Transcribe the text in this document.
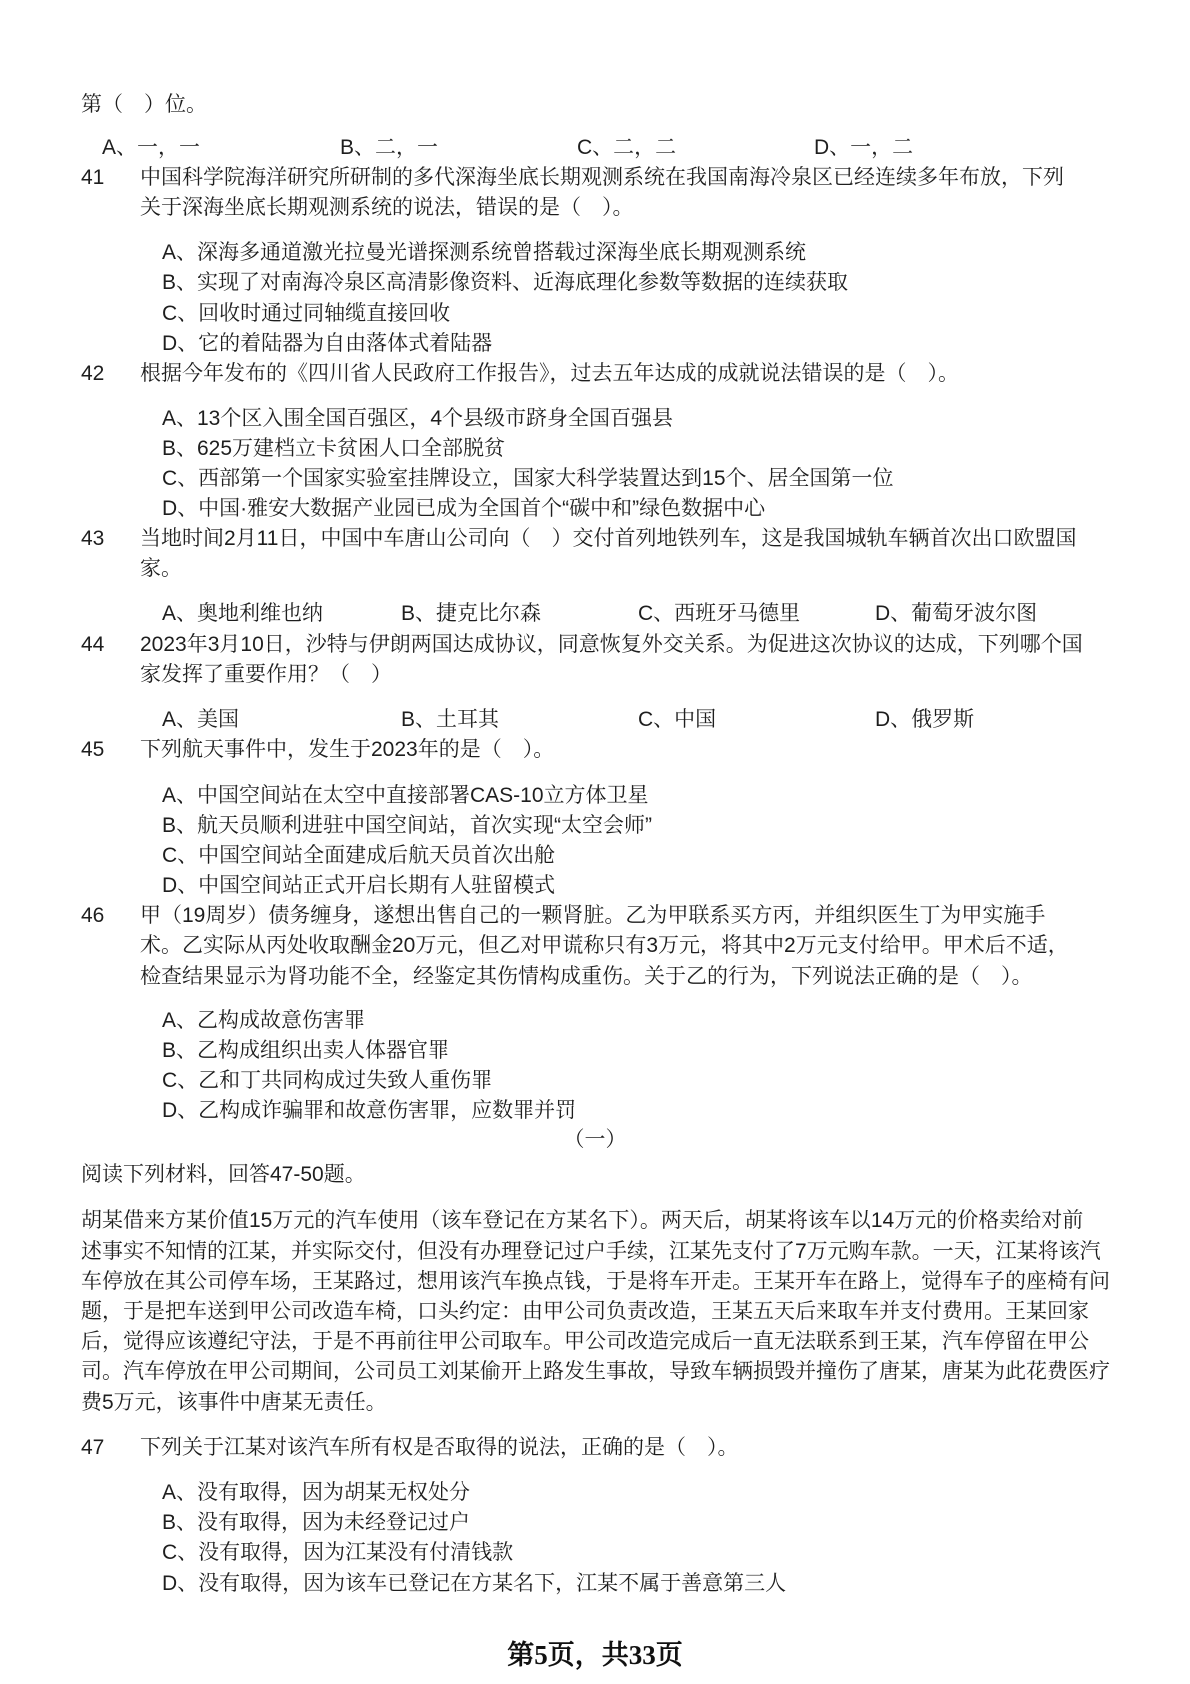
第（　）位。
A、一，一	B、二，一	C、二，二	D、一，二
41 中国科学院海洋研究所研制的多代深海坐底长期观测系统在我国南海冷泉区已经连续多年布放，下列
关于深海坐底长期观测系统的说法，错误的是（　）。
A、深海多通道激光拉曼光谱探测系统曾搭载过深海坐底长期观测系统
B、实现了对南海冷泉区高清影像资料、近海底理化参数等数据的连续获取
C、回收时通过同轴缆直接回收
D、它的着陆器为自由落体式着陆器
42 根据今年发布的《四川省人民政府工作报告》，过去五年达成的成就说法错误的是（　）。
A、13个区入围全国百强区，4个县级市跻身全国百强县
B、625万建档立卡贫困人口全部脱贫
C、西部第一个国家实验室挂牌设立，国家大科学装置达到15个、居全国第一位
D、中国·雅安大数据产业园已成为全国首个“碳中和”绿色数据中心
43 当地时间2月11日，中国中车唐山公司向（　）交付首列地铁列车，这是我国城轨车辆首次出口欧盟国
家。
A、奥地利维也纳	B、捷克比尔森	C、西班牙马德里	D、葡萄牙波尔图
44 2023年3月10日，沙特与伊朗两国达成协议，同意恢复外交关系。为促进这次协议的达成，下列哪个国
家发挥了重要作用？（　）
A、美国	B、土耳其	C、中国	D、俄罗斯
45 下列航天事件中，发生于2023年的是（　）。
A、中国空间站在太空中直接部署CAS-10立方体卫星
B、航天员顺利进驻中国空间站，首次实现“太空会师”
C、中国空间站全面建成后航天员首次出舱
D、中国空间站正式开启长期有人驻留模式
46 甲（19周岁）债务缠身，遂想出售自己的一颗肾脏。乙为甲联系买方丙，并组织医生丁为甲实施手
术。乙实际从丙处收取酬金20万元，但乙对甲谎称只有3万元，将其中2万元支付给甲。甲术后不适，
检查结果显示为肾功能不全，经鉴定其伤情构成重伤。关于乙的行为，下列说法正确的是（　）。
A、乙构成故意伤害罪
B、乙构成组织出卖人体器官罪
C、乙和丁共同构成过失致人重伤罪
D、乙构成诈骗罪和故意伤害罪，应数罪并罚
（一）
阅读下列材料，回答47-50题。
胡某借来方某价值15万元的汽车使用（该车登记在方某名下）。两天后，胡某将该车以14万元的价格卖给对前
述事实不知情的江某，并实际交付，但没有办理登记过户手续，江某先支付了7万元购车款。一天，江某将该汽
车停放在其公司停车场，王某路过，想用该汽车换点钱，于是将车开走。王某开车在路上，觉得车子的座椅有问
题，于是把车送到甲公司改造车椅，口头约定：由甲公司负责改造，王某五天后来取车并支付费用。王某回家
后，觉得应该遵纪守法，于是不再前往甲公司取车。甲公司改造完成后一直无法联系到王某，汽车停留在甲公
司。汽车停放在甲公司期间，公司员工刘某偷开上路发生事故，导致车辆损毁并撞伤了唐某，唐某为此花费医疗
费5万元，该事件中唐某无责任。
47 下列关于江某对该汽车所有权是否取得的说法，正确的是（　）。
A、没有取得，因为胡某无权处分
B、没有取得，因为未经登记过户
C、没有取得，因为江某没有付清钱款
D、没有取得，因为该车已登记在方某名下，江某不属于善意第三人
第5页，共33页
